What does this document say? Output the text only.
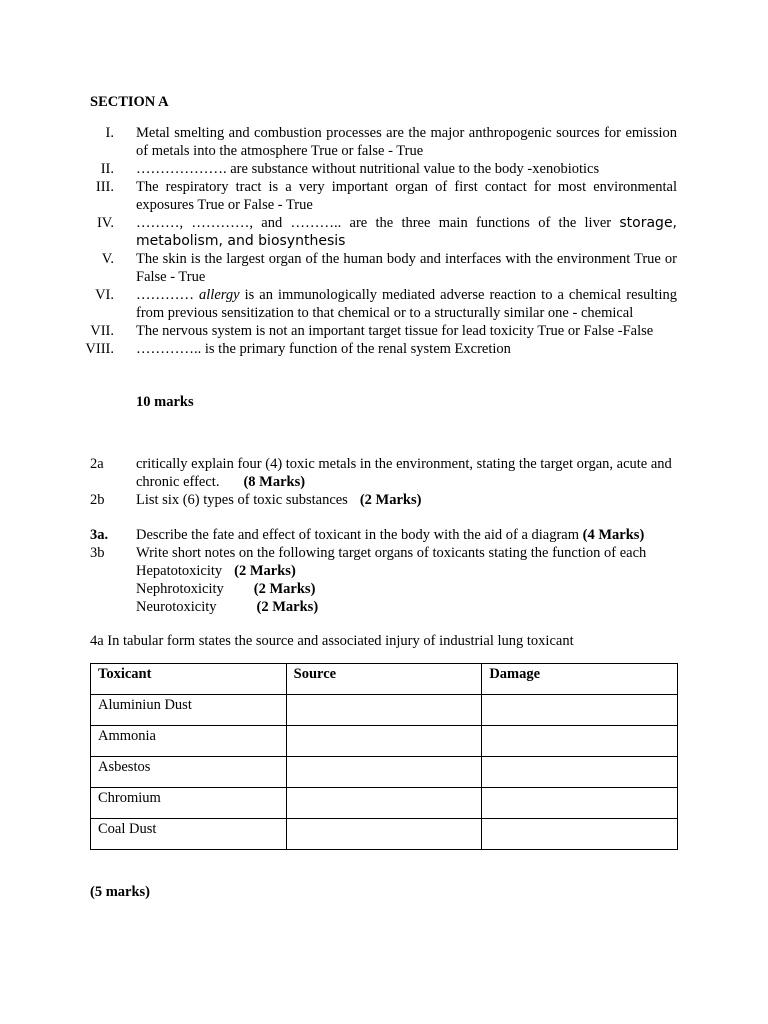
SECTION A
I. Metal smelting and combustion processes are the major anthropogenic sources for emission of metals into the atmosphere True or false - True
II. ………………. are substance without nutritional value to the body -xenobiotics
III. The respiratory tract is a very important organ of first contact for most environmental exposures True or False - True
IV. ………, …………, and ……….. are the three main functions of the liver storage, metabolism, and biosynthesis
V. The skin is the largest organ of the human body and interfaces with the environment True or False - True
VI. ………… allergy is an immunologically mediated adverse reaction to a chemical resulting from previous sensitization to that chemical or to a structurally similar one - chemical
VII. The nervous system is not an important target tissue for lead toxicity True or False -False
VIII. ………….. is the primary function of the renal system Excretion
10 marks
2a critically explain four (4) toxic metals in the environment, stating the target organ, acute and chronic effect. (8 Marks)
2b List six (6) types of toxic substances (2 Marks)
3a. Describe the fate and effect of toxicant in the body with the aid of a diagram (4 Marks)
3b Write short notes on the following target organs of toxicants stating the function of each
Hepatotoxicity (2 Marks)
Nephrotoxicity (2 Marks)
Neurotoxicity	(2 Marks)
4a In tabular form states the source and associated injury of industrial lung toxicant
Toxicant	Source	Damage
Aluminiun Dust		
Ammonia		
Asbestos		
Chromium		
Coal Dust		
(5 marks)
